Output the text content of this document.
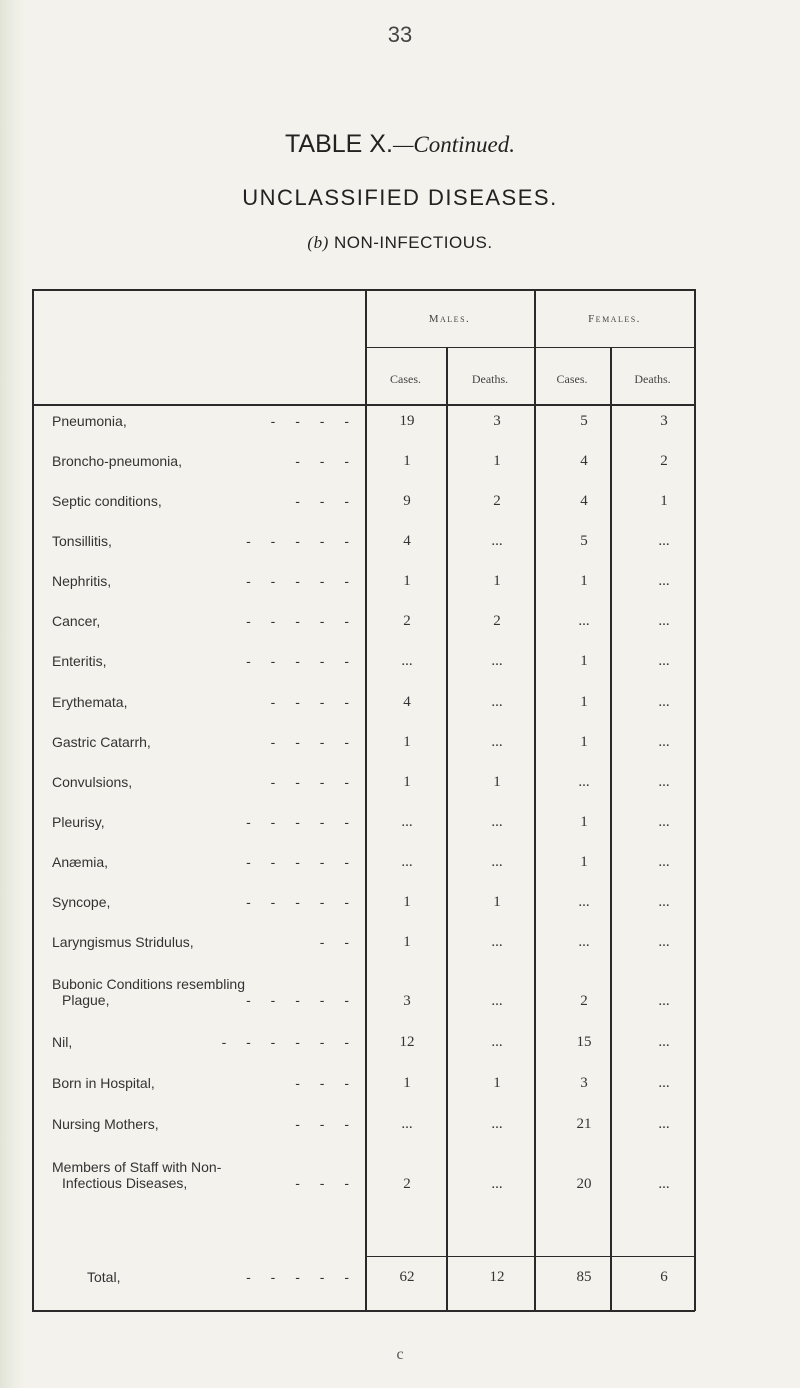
33
TABLE X.—Continued.
UNCLASSIFIED DISEASES.
(b) NON-INFECTIOUS.
Males.	Females.
Cases.	Deaths.	Cases.	Deaths.
Pneumonia,	- - - -	19	3	5	3
Broncho-pneumonia,	- - -	1	1	4	2
Septic conditions,	- - -	9	2	4	1
Tonsillitis,	- - - - -	4	...	5	...
Nephritis,	- - - - -	1	1	1	...
Cancer,	- - - - -	2	2	...	...
Enteritis,	- - - - -	...	...	1	...
Erythemata,	- - - -	4	...	1	...
Gastric Catarrh,	- - - -	1	...	1	...
Convulsions,	- - - -	1	1	...	...
Pleurisy,	- - - - -	...	...	1	...
Anæmia,	- - - - -	...	...	1	...
Syncope,	- - - - -	1	1	...	...
Laryngismus Stridulus,	- -	1	...	...	...
Bubonic Conditions resembling
Plague,	- - - - -	3	...	2	...
Nil,	- - - - - -	12	...	15	...
Born in Hospital,	- - -	1	1	3	...
Nursing Mothers,	- - -	...	...	21	...
Members of Staff with Non-
Infectious Diseases,	- - -	2	...	20	...
Total,	- - - - -	62	12	85	6
c
